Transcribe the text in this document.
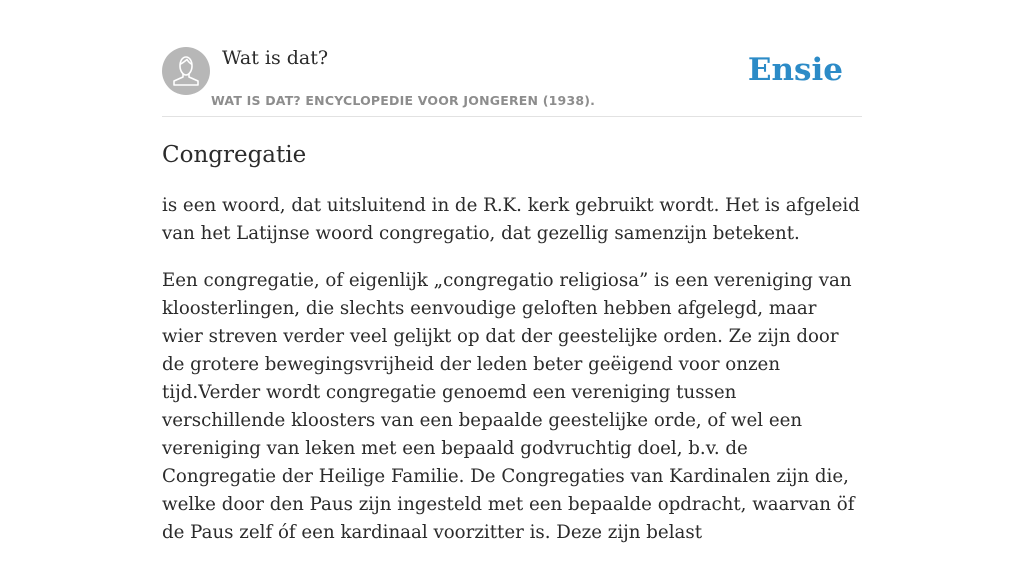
Wat is dat?
WAT IS DAT? ENCYCLOPEDIE VOOR JONGEREN (1938).
Ensie
Congregatie

is een woord, dat uitsluitend in de R.K. kerk gebruikt wordt. Het is afgeleid van het Latijnse woord congregatio, dat gezellig samenzijn betekent.

Een congregatie, of eigenlijk „congregatio religiosa” is een vereniging van kloosterlingen, die slechts eenvoudige geloften hebben afgelegd, maar wier streven verder veel gelijkt op dat der geestelijke orden. Ze zijn door de grotere bewegingsvrijheid der leden beter geëigend voor onzen tijd.Verder wordt congregatie genoemd een vereniging tussen verschillende kloosters van een bepaalde geestelijke orde, of wel een vereniging van leken met een bepaald godvruchtig doel, b.v. de Congregatie der Heilige Familie. De Congregaties van Kardinalen zijn die, welke door den Paus zijn ingesteld met een bepaalde opdracht, waarvan öf de Paus zelf óf een kardinaal voorzitter is. Deze zijn belast
